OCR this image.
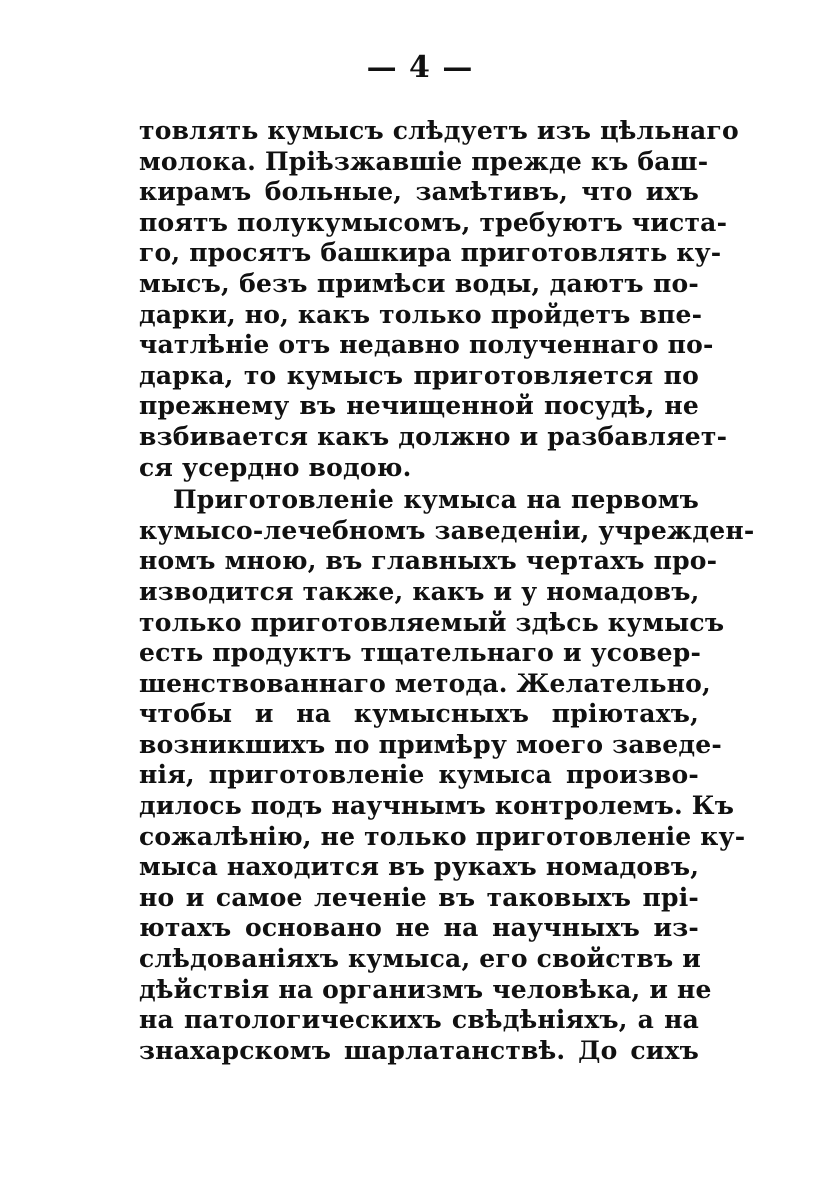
— 4 —
товлять кумысъ слѣдуетъ изъ цѣльнаго
молока. Пріѣзжавшіе прежде къ баш-
кирамъ больные, замѣтивъ, что ихъ
поятъ полукумысомъ, требуютъ чиста-
го, просятъ башкира приготовлять ку-
мысъ, безъ примѣси воды, даютъ по-
дарки, но, какъ только пройдетъ впе-
чатлѣніе отъ недавно полученнаго по-
дарка, то кумысъ приготовляется по
прежнему въ нечищенной посудѣ, не
взбивается какъ должно и разбавляет-
ся усердно водою.
Приготовленіе кумыса на первомъ
кумысо-лечебномъ заведеніи, учрежден-
номъ мною, въ главныхъ чертахъ про-
изводится также, какъ и у номадовъ,
только приготовляемый здѣсь кумысъ
есть продуктъ тщательнаго и усовер-
шенствованнаго метода. Желательно,
чтобы и на кумысныхъ пріютахъ,
возникшихъ по примѣру моего заведе-
нія, приготовленіе кумыса произво-
дилось подъ научнымъ контролемъ. Къ
сожалѣнію, не только приготовленіе ку-
мыса находится въ рукахъ номадовъ,
но и самое леченіе въ таковыхъ прі-
ютахъ основано не на научныхъ из-
слѣдованіяхъ кумыса, его свойствъ и
дѣйствія на организмъ человѣка, и не
на патологическихъ свѣдѣніяхъ, а на
знахарскомъ шарлатанствѣ. До сихъ
